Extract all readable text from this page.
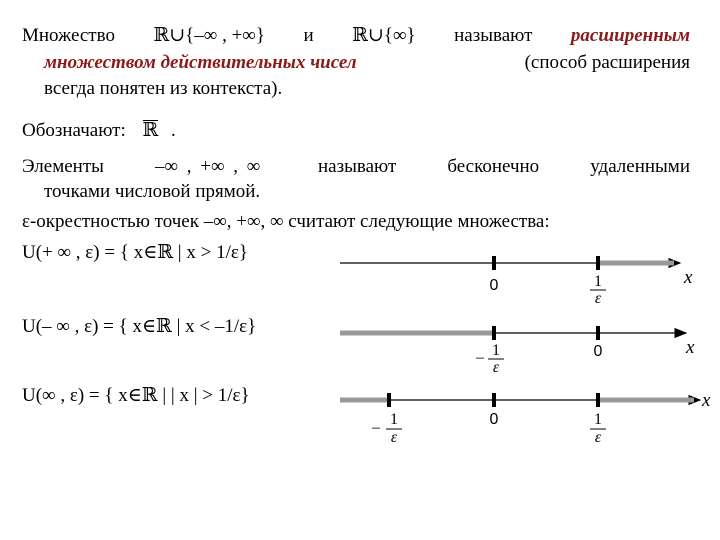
Множество ℝ∪{–∞ , +∞} и ℝ∪{∞} называют расширенным
множеством действительных чисел	(способ расширения
всегда понятен из контекста).
Обозначают: ℝ .
Элементы	–∞ , +∞ , ∞	называют	бесконечно	удаленными
точками числовой прямой.
ε-окрестностью точек –∞, +∞, ∞ считают следующие множества:
U(+ ∞ , ε) = { x∈ℝ | x > 1/ε}
U(– ∞ , ε) = { x∈ℝ | x < –1/ε}
U(∞ , ε) = { x∈ℝ | | x | > 1/ε}
0	1
ε
x
– 1
ε
0	x
– 1
ε
0	1
ε
x
